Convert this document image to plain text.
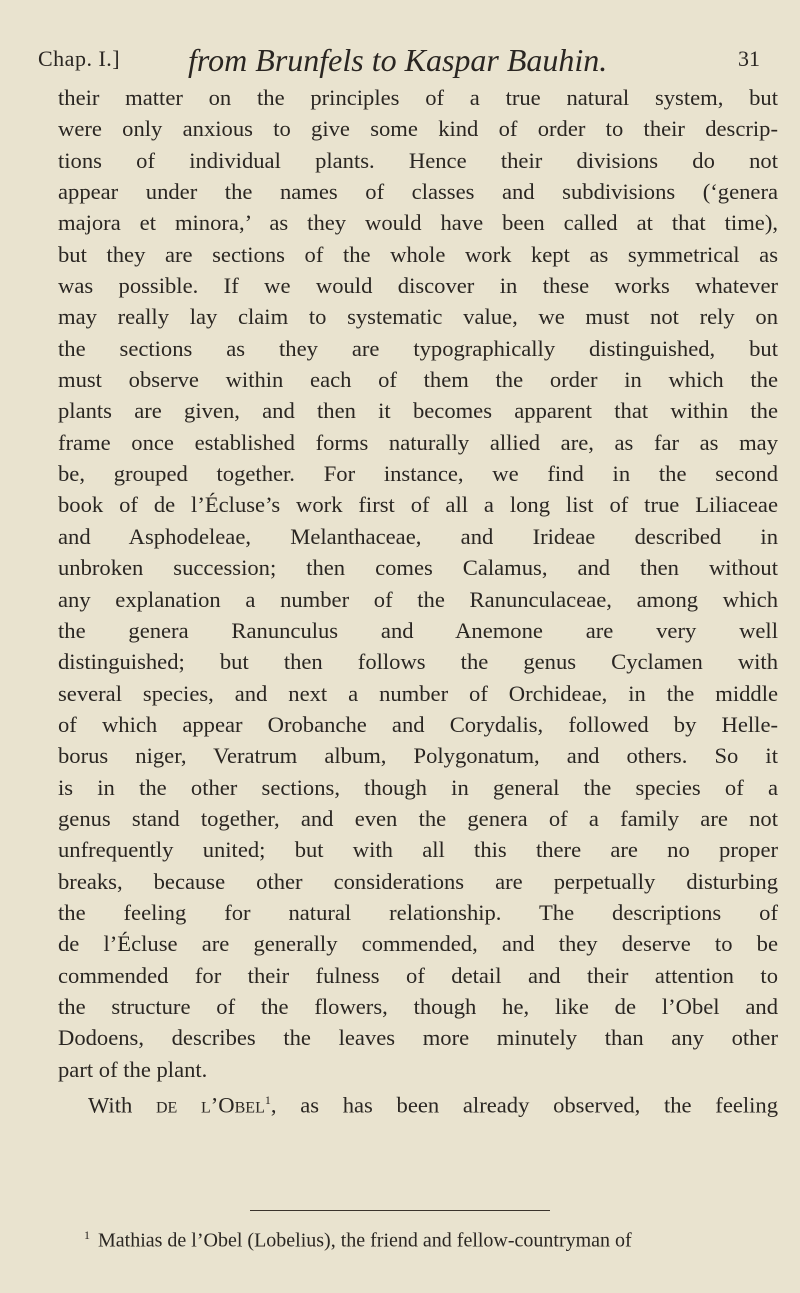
Chap. I.] from Brunfels to Kaspar Bauhin.	31
their matter on the principles of a true natural system, but
were only anxious to give some kind of order to their descrip-
tions of individual plants. Hence their divisions do not
appear under the names of classes and subdivisions (‘genera
majora et minora,’ as they would have been called at that time),
but they are sections of the whole work kept as symmetrical as
was possible. If we would discover in these works whatever
may really lay claim to systematic value, we must not rely on
the sections as they are typographically distinguished, but
must observe within each of them the order in which the
plants are given, and then it becomes apparent that within the
frame once established forms naturally allied are, as far as may
be, grouped together. For instance, we find in the second
book of de l’Écluse’s work first of all a long list of true Liliaceae
and Asphodeleae, Melanthaceae, and Irideae described in
unbroken succession; then comes Calamus, and then without
any explanation a number of the Ranunculaceae, among which
the genera Ranunculus and Anemone are very well
distinguished; but then follows the genus Cyclamen with
several species, and next a number of Orchideae, in the middle
of which appear Orobanche and Corydalis, followed by Helle-
borus niger, Veratrum album, Polygonatum, and others. So it
is in the other sections, though in general the species of a
genus stand together, and even the genera of a family are not
unfrequently united; but with all this there are no proper
breaks, because other considerations are perpetually disturbing
the feeling for natural relationship. The descriptions of
de l’Écluse are generally commended, and they deserve to be
commended for their fulness of detail and their attention to
the structure of the flowers, though he, like de l’Obel and
Dodoens, describes the leaves more minutely than any other
part of the plant.
With de l’Obel$^1$, as has been already observed, the feeling
$^1$ Mathias de l’Obel (Lobelius), the friend and fellow-countryman of
